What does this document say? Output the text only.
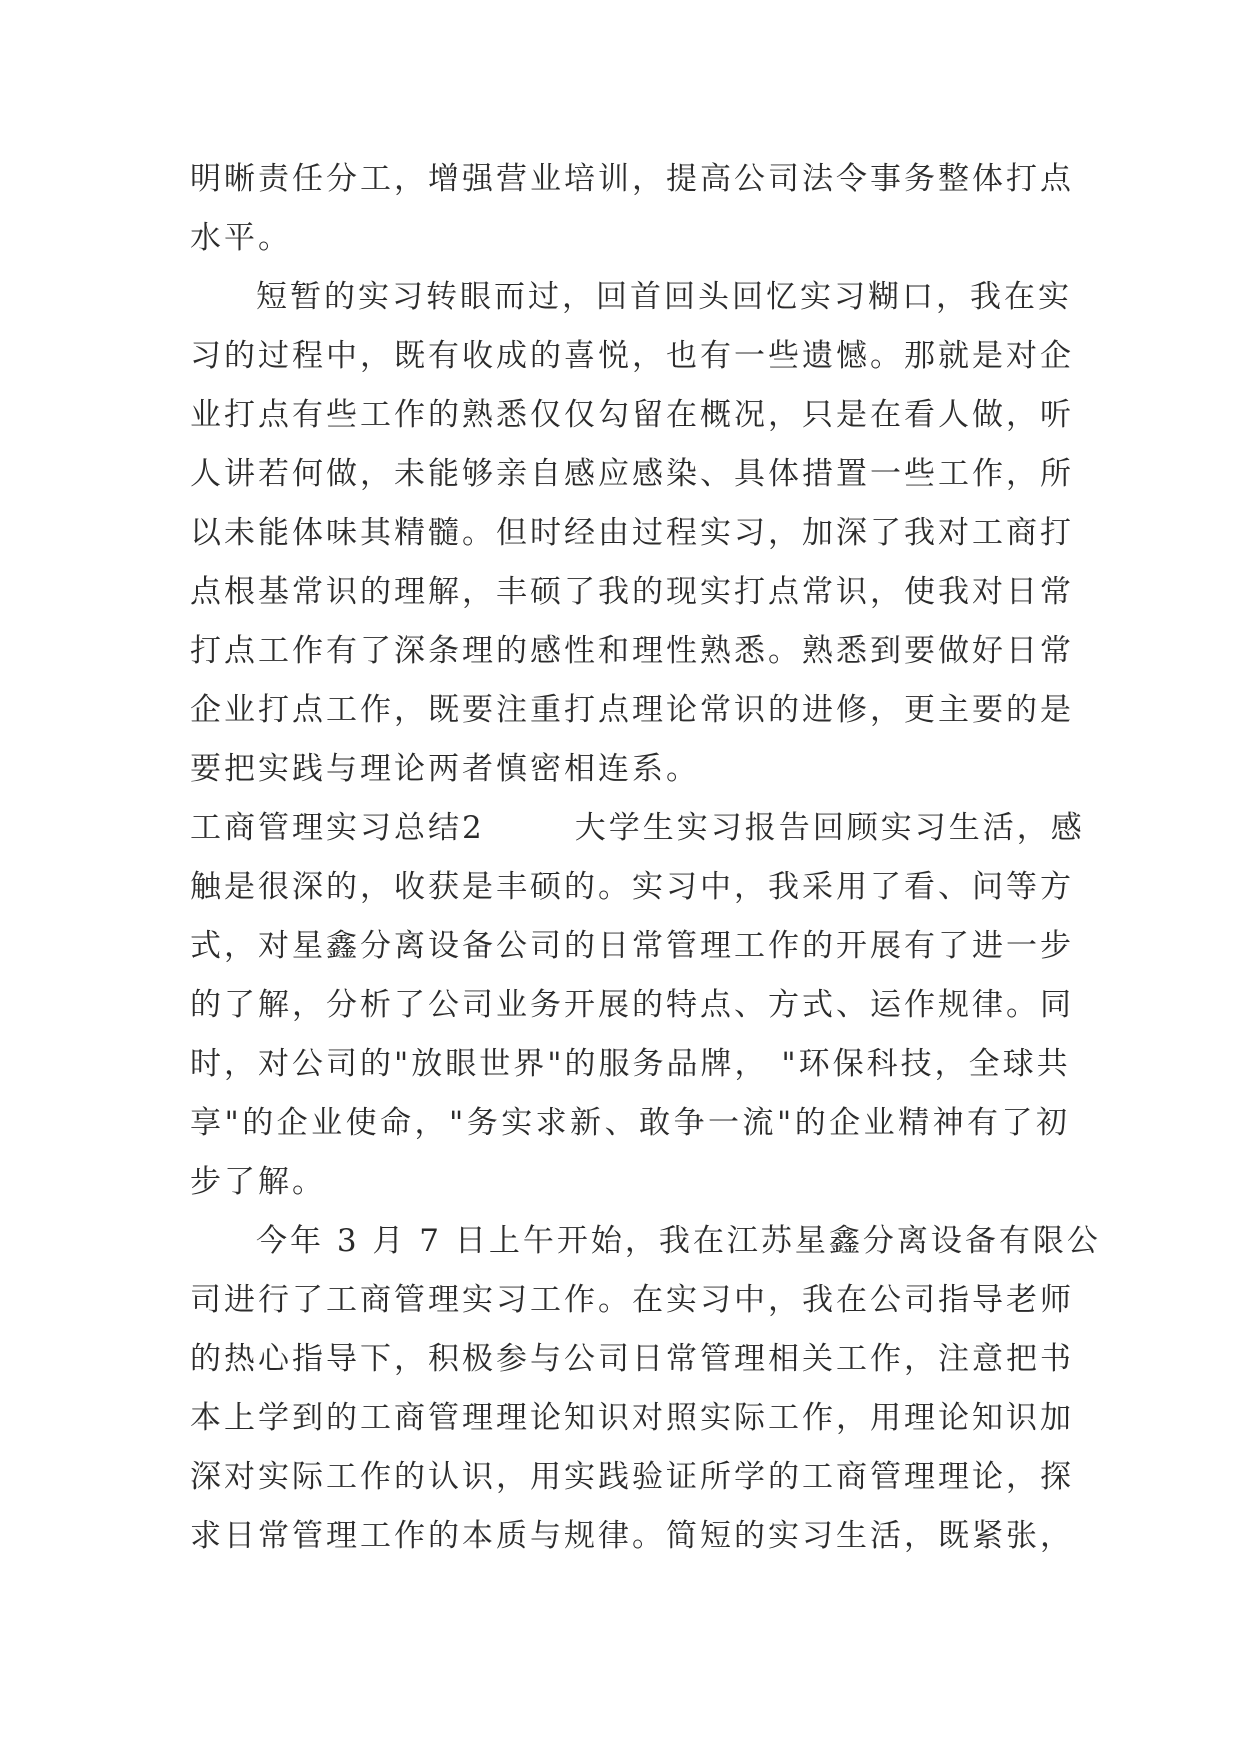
明晰责任分工，增强营业培训，提高公司法令事务整体打点
水平。
短暂的实习转眼而过，回首回头回忆实习糊口，我在实
习的过程中，既有收成的喜悦，也有一些遗憾。那就是对企
业打点有些工作的熟悉仅仅勾留在概况，只是在看人做，听
人讲若何做，未能够亲自感应感染、具体措置一些工作，所
以未能体味其精髓。但时经由过程实习，加深了我对工商打
点根基常识的理解，丰硕了我的现实打点常识，使我对日常
打点工作有了深条理的感性和理性熟悉。熟悉到要做好日常
企业打点工作，既要注重打点理论常识的进修，更主要的是
要把实践与理论两者慎密相连系。
工商管理实习总结2	大学生实习报告回顾实习生活，感
触是很深的，收获是丰硕的。实习中，我采用了看、问等方
式，对星鑫分离设备公司的日常管理工作的开展有了进一步
的了解，分析了公司业务开展的特点、方式、运作规律。同
时，对公司的"放眼世界"的服务品牌， "环保科技，全球共
享"的企业使命，"务实求新、敢争一流"的企业精神有了初
步了解。
今年 3 月 7 日上午开始，我在江苏星鑫分离设备有限公
司进行了工商管理实习工作。在实习中，我在公司指导老师
的热心指导下，积极参与公司日常管理相关工作，注意把书
本上学到的工商管理理论知识对照实际工作，用理论知识加
深对实际工作的认识，用实践验证所学的工商管理理论，探
求日常管理工作的本质与规律。简短的实习生活，既紧张，
